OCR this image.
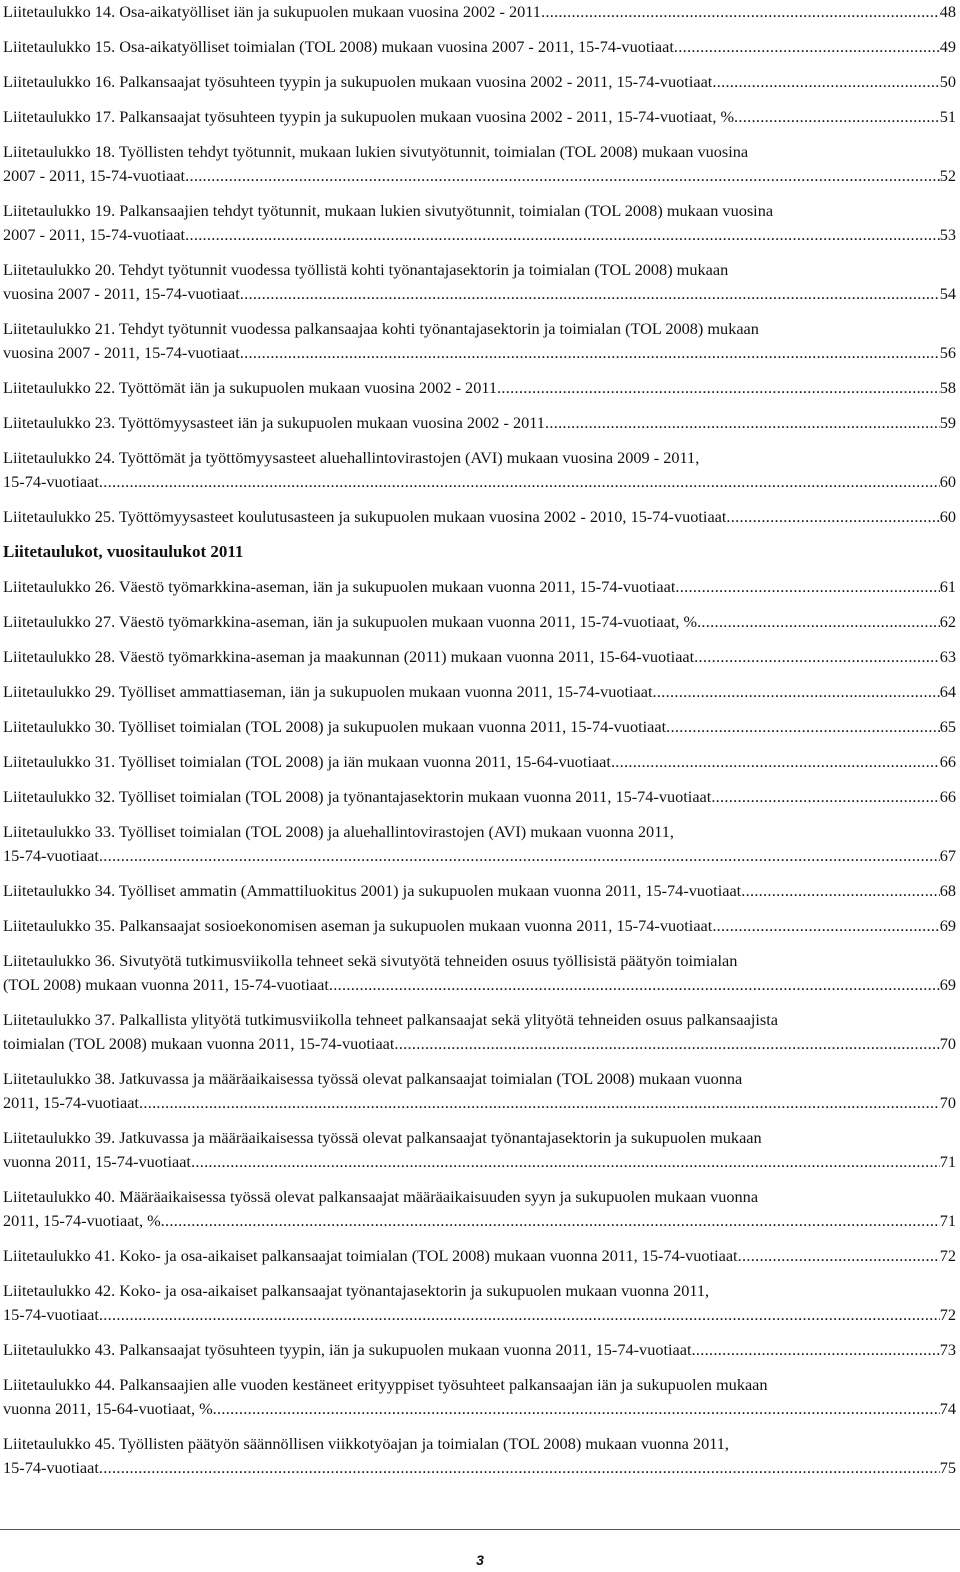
Liitetaulukko 14. Osa-aikatyölliset iän ja sukupuolen mukaan vuosina 2002 - 2011 .....	48
Liitetaulukko 15. Osa-aikatyölliset toimialan (TOL 2008) mukaan vuosina 2007 - 2011, 15-74-vuotiaat .....	49
Liitetaulukko 16. Palkansaajat työsuhteen tyypin ja sukupuolen mukaan vuosina 2002 - 2011, 15-74-vuotiaat .....	50
Liitetaulukko 17. Palkansaajat työsuhteen tyypin ja sukupuolen mukaan vuosina 2002 - 2011, 15-74-vuotiaat, % .....	51
Liitetaulukko 18. Työllisten tehdyt työtunnit, mukaan lukien sivutyötunnit, toimialan (TOL 2008) mukaan vuosina
2007 - 2011, 15-74-vuotiaat .....	52
Liitetaulukko 19. Palkansaajien tehdyt työtunnit, mukaan lukien sivutyötunnit, toimialan (TOL 2008) mukaan vuosina
2007 - 2011, 15-74-vuotiaat .....	53
Liitetaulukko 20. Tehdyt työtunnit vuodessa työllistä kohti työnantajasektorin ja toimialan (TOL 2008) mukaan
vuosina 2007 - 2011, 15-74-vuotiaat .....	54
Liitetaulukko 21. Tehdyt työtunnit vuodessa palkansaajaa kohti työnantajasektorin ja toimialan (TOL 2008) mukaan
vuosina 2007 - 2011, 15-74-vuotiaat .....	56
Liitetaulukko 22. Työttömät iän ja sukupuolen mukaan vuosina 2002 - 2011 .....	58
Liitetaulukko 23. Työttömyysasteet iän ja sukupuolen mukaan vuosina 2002 - 2011 .....	59
Liitetaulukko 24. Työttömät ja työttömyysasteet aluehallintovirastojen (AVI) mukaan vuosina 2009 - 2011,
15-74-vuotiaat .....	60
Liitetaulukko 25. Työttömyysasteet koulutusasteen ja sukupuolen mukaan vuosina 2002 - 2010, 15-74-vuotiaat .....	60
Liitetaulukot, vuositaulukot 2011
Liitetaulukko 26. Väestö työmarkkina-aseman, iän ja sukupuolen mukaan vuonna 2011, 15-74-vuotiaat .....	61
Liitetaulukko 27. Väestö työmarkkina-aseman, iän ja sukupuolen mukaan vuonna 2011, 15-74-vuotiaat, % .....	62
Liitetaulukko 28. Väestö työmarkkina-aseman ja maakunnan (2011) mukaan vuonna 2011, 15-64-vuotiaat .....	63
Liitetaulukko 29. Työlliset ammattiaseman, iän ja sukupuolen mukaan vuonna 2011, 15-74-vuotiaat .....	64
Liitetaulukko 30. Työlliset toimialan (TOL 2008) ja sukupuolen mukaan vuonna 2011, 15-74-vuotiaat .....	65
Liitetaulukko 31. Työlliset toimialan (TOL 2008) ja iän mukaan vuonna 2011, 15-64-vuotiaat .....	66
Liitetaulukko 32. Työlliset toimialan (TOL 2008) ja työnantajasektorin mukaan vuonna 2011, 15-74-vuotiaat .....	66
Liitetaulukko 33. Työlliset toimialan (TOL 2008) ja aluehallintovirastojen (AVI) mukaan vuonna 2011,
15-74-vuotiaat .....	67
Liitetaulukko 34. Työlliset ammatin (Ammattiluokitus 2001) ja sukupuolen mukaan vuonna 2011, 15-74-vuotiaat .....	68
Liitetaulukko 35. Palkansaajat sosioekonomisen aseman ja sukupuolen mukaan vuonna 2011, 15-74-vuotiaat .....	69
Liitetaulukko 36. Sivutyötä tutkimusviikolla tehneet sekä sivutyötä tehneiden osuus työllisistä päätyön toimialan
(TOL 2008) mukaan vuonna 2011, 15-74-vuotiaat .....	69
Liitetaulukko 37. Palkallista ylityötä tutkimusviikolla tehneet palkansaajat sekä ylityötä tehneiden osuus palkansaajista
toimialan (TOL 2008) mukaan vuonna 2011, 15-74-vuotiaat .....	70
Liitetaulukko 38. Jatkuvassa ja määräaikaisessa työssä olevat palkansaajat toimialan (TOL 2008) mukaan vuonna
2011, 15-74-vuotiaat .....	70
Liitetaulukko 39. Jatkuvassa ja määräaikaisessa työssä olevat palkansaajat työnantajasektorin ja sukupuolen mukaan
vuonna 2011, 15-74-vuotiaat .....	71
Liitetaulukko 40. Määräaikaisessa työssä olevat palkansaajat määräaikaisuuden syyn ja sukupuolen mukaan vuonna
2011, 15-74-vuotiaat, % .....	71
Liitetaulukko 41. Koko- ja osa-aikaiset palkansaajat toimialan (TOL 2008) mukaan vuonna 2011, 15-74-vuotiaat .....	72
Liitetaulukko 42. Koko- ja osa-aikaiset palkansaajat työnantajasektorin ja sukupuolen mukaan vuonna 2011,
15-74-vuotiaat .....	72
Liitetaulukko 43. Palkansaajat työsuhteen tyypin, iän ja sukupuolen mukaan vuonna 2011, 15-74-vuotiaat .....	73
Liitetaulukko 44. Palkansaajien alle vuoden kestäneet erityyppiset työsuhteet palkansaajan iän ja sukupuolen mukaan
vuonna 2011, 15-64-vuotiaat, % .....	74
Liitetaulukko 45. Työllisten päätyön säännöllisen viikkotyöajan ja toimialan (TOL 2008) mukaan vuonna 2011,
15-74-vuotiaat .....	75
3
